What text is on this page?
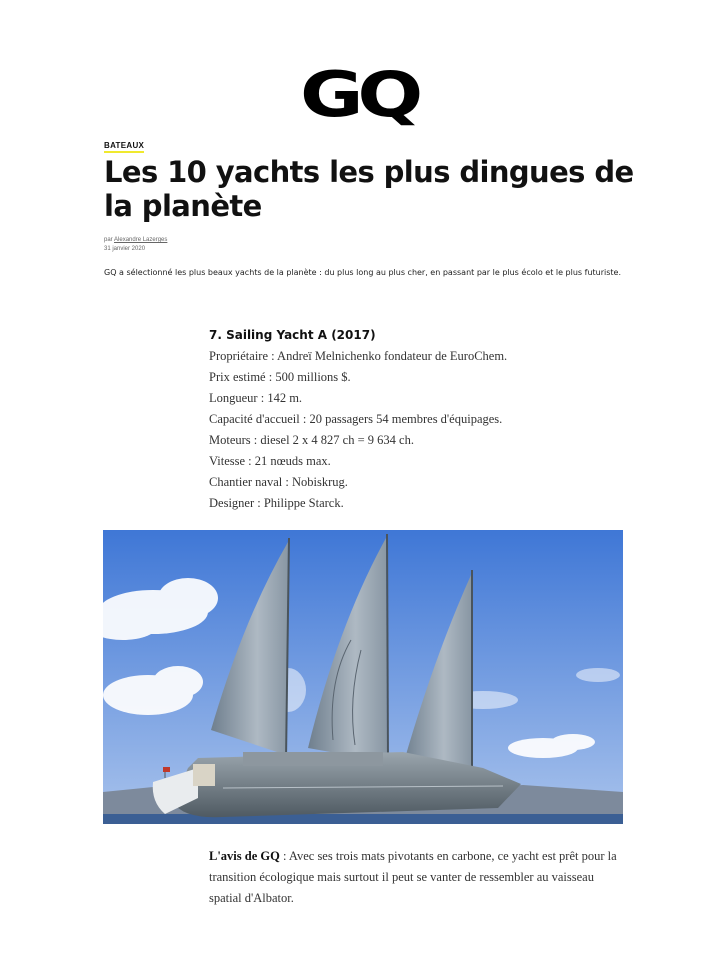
GQ
BATEAUX
Les 10 yachts les plus dingues de la planète
par Alexandre Lazerges
31 janvier 2020

GQ a sélectionné les plus beaux yachts de la planète : du plus long au plus cher, en passant par le plus écolo et le plus futuriste.

7. Sailing Yacht A (2017)
Propriétaire : Andreï Melnichenko fondateur de EuroChem.
Prix estimé : 500 millions $.
Longueur : 142 m.
Capacité d'accueil : 20 passagers 54 membres d'équipages.
Moteurs : diesel 2 x 4 827 ch = 9 634 ch.
Vitesse : 21 nœuds max.
Chantier naval : Nobiskrug.
Designer : Philippe Starck.

L'avis de GQ : Avec ses trois mats pivotants en carbone, ce yacht est prêt pour la transition écologique mais surtout il peut se vanter de ressembler au vaisseau spatial d'Albator.
